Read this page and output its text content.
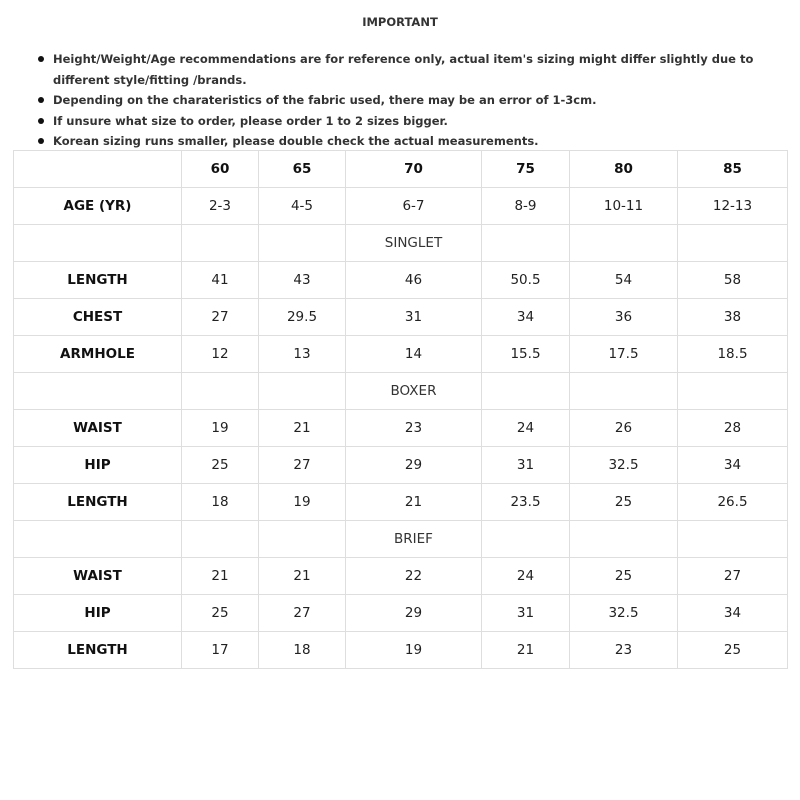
IMPORTANT
Height/Weight/Age recommendations are for reference only, actual item's sizing might differ slightly due to different style/fitting /brands.
Depending on the charateristics of the fabric used, there may be an error of 1-3cm.
If unsure what size to order, please order 1 to 2 sizes bigger.
Korean sizing runs smaller, please double check the actual measurements.
	60	65	70	75	80	85
AGE (YR)	2-3	4-5	6-7	8-9	10-11	12-13
			SINGLET			
LENGTH	41	43	46	50.5	54	58
CHEST	27	29.5	31	34	36	38
ARMHOLE	12	13	14	15.5	17.5	18.5
			BOXER			
WAIST	19	21	23	24	26	28
HIP	25	27	29	31	32.5	34
LENGTH	18	19	21	23.5	25	26.5
			BRIEF			
WAIST	21	21	22	24	25	27
HIP	25	27	29	31	32.5	34
LENGTH	17	18	19	21	23	25
